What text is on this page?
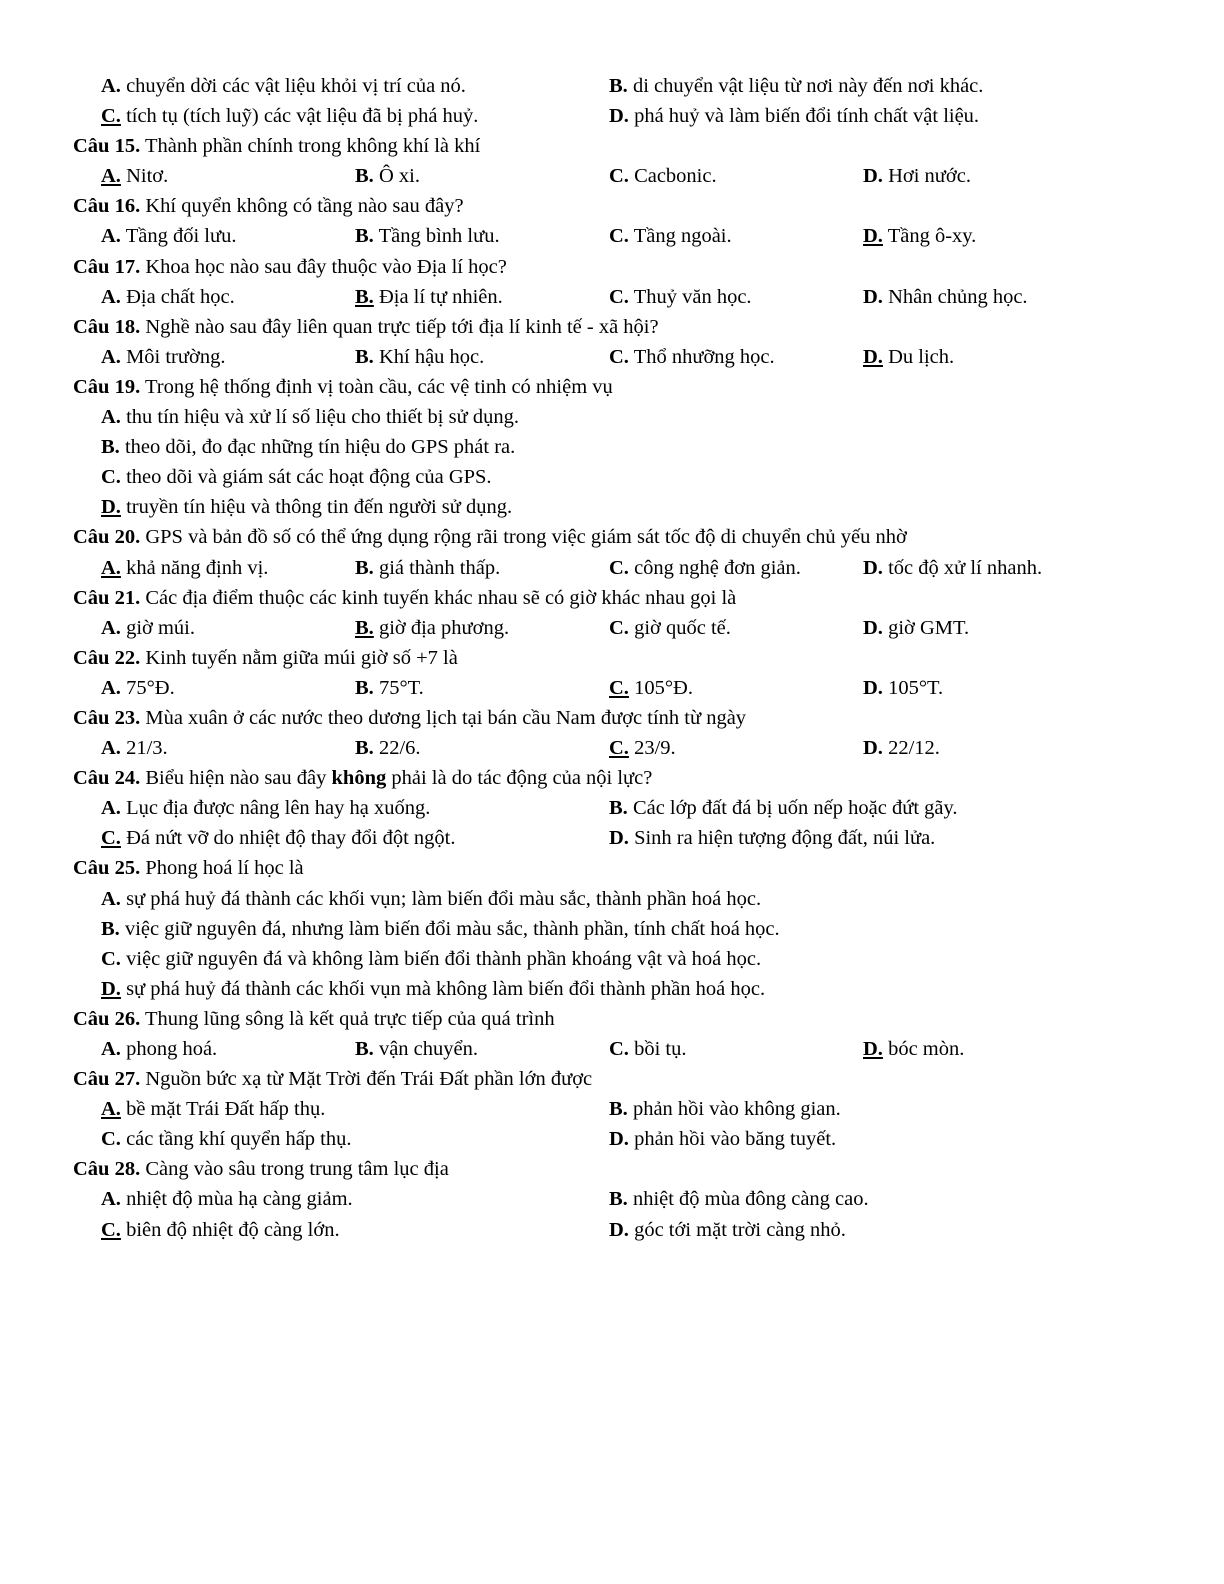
A. chuyển dời các vật liệu khỏi vị trí của nó.	B. di chuyển vật liệu từ nơi này đến nơi khác.
C. tích tụ (tích luỹ) các vật liệu đã bị phá huỷ.	D. phá huỷ và làm biến đổi tính chất vật liệu.
Câu 15. Thành phần chính trong không khí là khí
A. Nitơ.	B. Ô xi.	C. Cacbonic.	D. Hơi nước.
Câu 16. Khí quyển không có tầng nào sau đây?
A. Tầng đối lưu.	B. Tầng bình lưu.	C. Tầng ngoài.	D. Tầng ô-xy.
Câu 17. Khoa học nào sau đây thuộc vào Địa lí học?
A. Địa chất học.	B. Địa lí tự nhiên.	C. Thuỷ văn học.	D. Nhân chủng học.
Câu 18. Nghề nào sau đây liên quan trực tiếp tới địa lí kinh tế - xã hội?
A. Môi trường.	B. Khí hậu học.	C. Thổ nhưỡng học.	D. Du lịch.
Câu 19. Trong hệ thống định vị toàn cầu, các vệ tinh có nhiệm vụ
A. thu tín hiệu và xử lí số liệu cho thiết bị sử dụng.
B. theo dõi, đo đạc những tín hiệu do GPS phát ra.
C. theo dõi và giám sát các hoạt động của GPS.
D. truyền tín hiệu và thông tin đến người sử dụng.
Câu 20. GPS và bản đồ số có thể ứng dụng rộng rãi trong việc giám sát tốc độ di chuyển chủ yếu nhờ
A. khả năng định vị.	B. giá thành thấp.	C. công nghệ đơn giản.	D. tốc độ xử lí nhanh.
Câu 21. Các địa điểm thuộc các kinh tuyến khác nhau sẽ có giờ khác nhau gọi là
A. giờ múi.	B. giờ địa phương.	C. giờ quốc tế.	D. giờ GMT.
Câu 22. Kinh tuyến nằm giữa múi giờ số +7 là
A. 75°Đ.	B. 75°T.	C. 105°Đ.	D. 105°T.
Câu 23. Mùa xuân ở các nước theo dương lịch tại bán cầu Nam được tính từ ngày
A. 21/3.	B. 22/6.	C. 23/9.	D. 22/12.
Câu 24. Biểu hiện nào sau đây không phải là do tác động của nội lực?
A. Lục địa được nâng lên hay hạ xuống.	B. Các lớp đất đá bị uốn nếp hoặc đứt gãy.
C. Đá nứt vỡ do nhiệt độ thay đổi đột ngột.	D. Sinh ra hiện tượng động đất, núi lửa.
Câu 25. Phong hoá lí học là
A. sự phá huỷ đá thành các khối vụn; làm biến đổi màu sắc, thành phần hoá học.
B. việc giữ nguyên đá, nhưng làm biến đổi màu sắc, thành phần, tính chất hoá học.
C. việc giữ nguyên đá và không làm biến đổi thành phần khoáng vật và hoá học.
D. sự phá huỷ đá thành các khối vụn mà không làm biến đổi thành phần hoá học.
Câu 26. Thung lũng sông là kết quả trực tiếp của quá trình
A. phong hoá.	B. vận chuyển.	C. bồi tụ.	D. bóc mòn.
Câu 27. Nguồn bức xạ từ Mặt Trời đến Trái Đất phần lớn được
A. bề mặt Trái Đất hấp thụ.	B. phản hồi vào không gian.
C. các tầng khí quyển hấp thụ.	D. phản hồi vào băng tuyết.
Câu 28. Càng vào sâu trong trung tâm lục địa
A. nhiệt độ mùa hạ càng giảm.	B. nhiệt độ mùa đông càng cao.
C. biên độ nhiệt độ càng lớn.	D. góc tới mặt trời càng nhỏ.
